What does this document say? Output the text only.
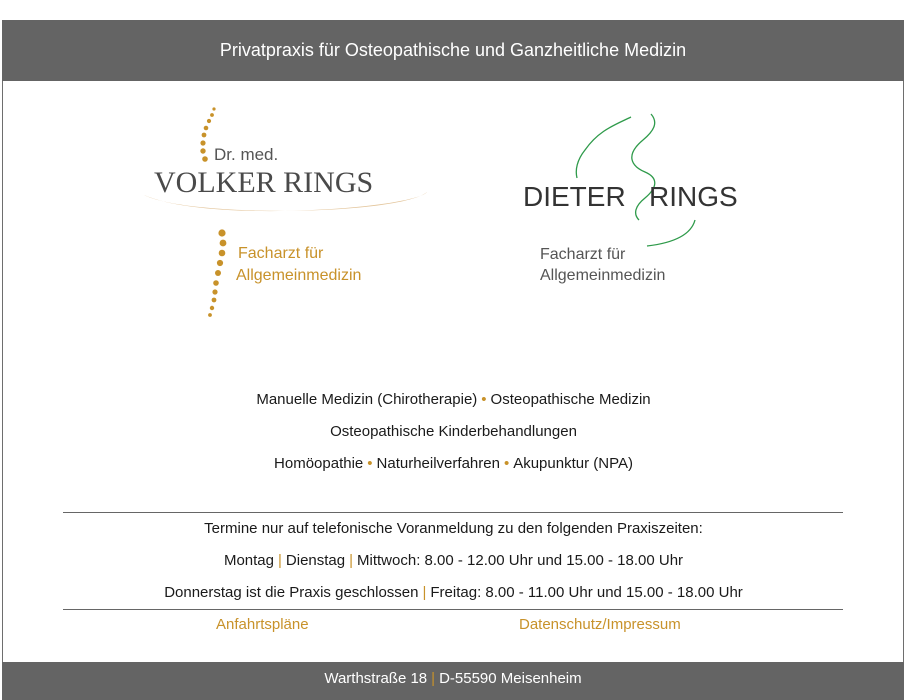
Privatpraxis für Osteopathische und Ganzheitliche Medizin
Dr. med.
VOLKER RINGS
Facharzt für
Allgemeinmedizin
DIETER RINGS
Facharzt für
Allgemeinmedizin
Manuelle Medizin (Chirotherapie) • Osteopathische Medizin
Osteopathische Kinderbehandlungen
Homöopathie • Naturheilverfahren • Akupunktur (NPA)
Termine nur auf telefonische Voranmeldung zu den folgenden Praxiszeiten:
Montag | Dienstag | Mittwoch: 8.00 - 12.00 Uhr und 15.00 - 18.00 Uhr
Donnerstag ist die Praxis geschlossen | Freitag: 8.00 - 11.00 Uhr und 15.00 - 18.00 Uhr
Anfahrtspläne	Datenschutz/Impressum
Warthstraße 18 | D-55590 Meisenheim
